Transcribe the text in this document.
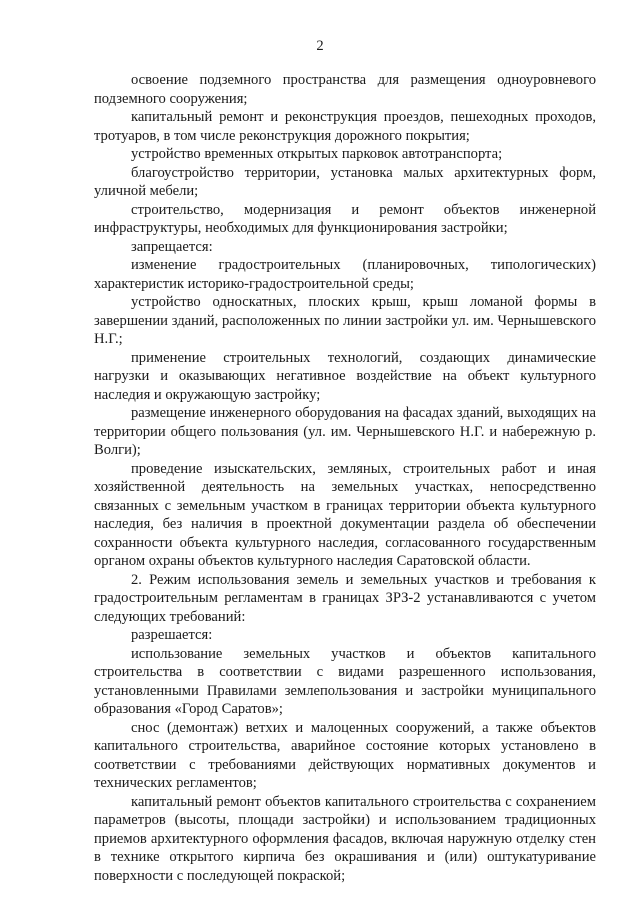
2

освоение подземного пространства для размещения одноуровневого подземного сооружения;

капитальный ремонт и реконструкция проездов, пешеходных проходов, тротуаров, в том числе реконструкция дорожного покрытия;

устройство временных открытых парковок автотранспорта;

благоустройство территории, установка малых архитектурных форм, уличной мебели;

строительство, модернизация и ремонт объектов инженерной инфраструктуры, необходимых для функционирования застройки;

запрещается:

изменение градостроительных (планировочных, типологических) характеристик историко-градостроительной среды;

устройство односкатных, плоских крыш, крыш ломаной формы в завершении зданий, расположенных по линии застройки ул. им. Чернышевского Н.Г.;

применение строительных технологий, создающих динамические нагрузки и оказывающих негативное воздействие на объект культурного наследия и окружающую застройку;

размещение инженерного оборудования на фасадах зданий, выходящих на территории общего пользования (ул. им. Чернышевского Н.Г. и набережную р. Волги);

проведение изыскательских, земляных, строительных работ и иная хозяйственной деятельность на земельных участках, непосредственно связанных с земельным участком в границах территории объекта культурного наследия, без наличия в проектной документации раздела об обеспечении сохранности объекта культурного наследия, согласованного государственным органом охраны объектов культурного наследия Саратовской области.

2. Режим использования земель и земельных участков и требования к градостроительным регламентам в границах ЗРЗ-2 устанавливаются с учетом следующих требований:

разрешается:

использование земельных участков и объектов капитального строительства в соответствии с видами разрешенного использования, установленными Правилами землепользования и застройки муниципального образования «Город Саратов»;

снос (демонтаж) ветхих и малоценных сооружений, а также объектов капитального строительства, аварийное состояние которых установлено в соответствии с требованиями действующих нормативных документов и технических регламентов;

капитальный ремонт объектов капитального строительства с сохранением параметров (высоты, площади застройки) и использованием традиционных приемов архитектурного оформления фасадов, включая наружную отделку стен в технике открытого кирпича без окрашивания и (или) оштукатуривание поверхности с последующей покраской;
